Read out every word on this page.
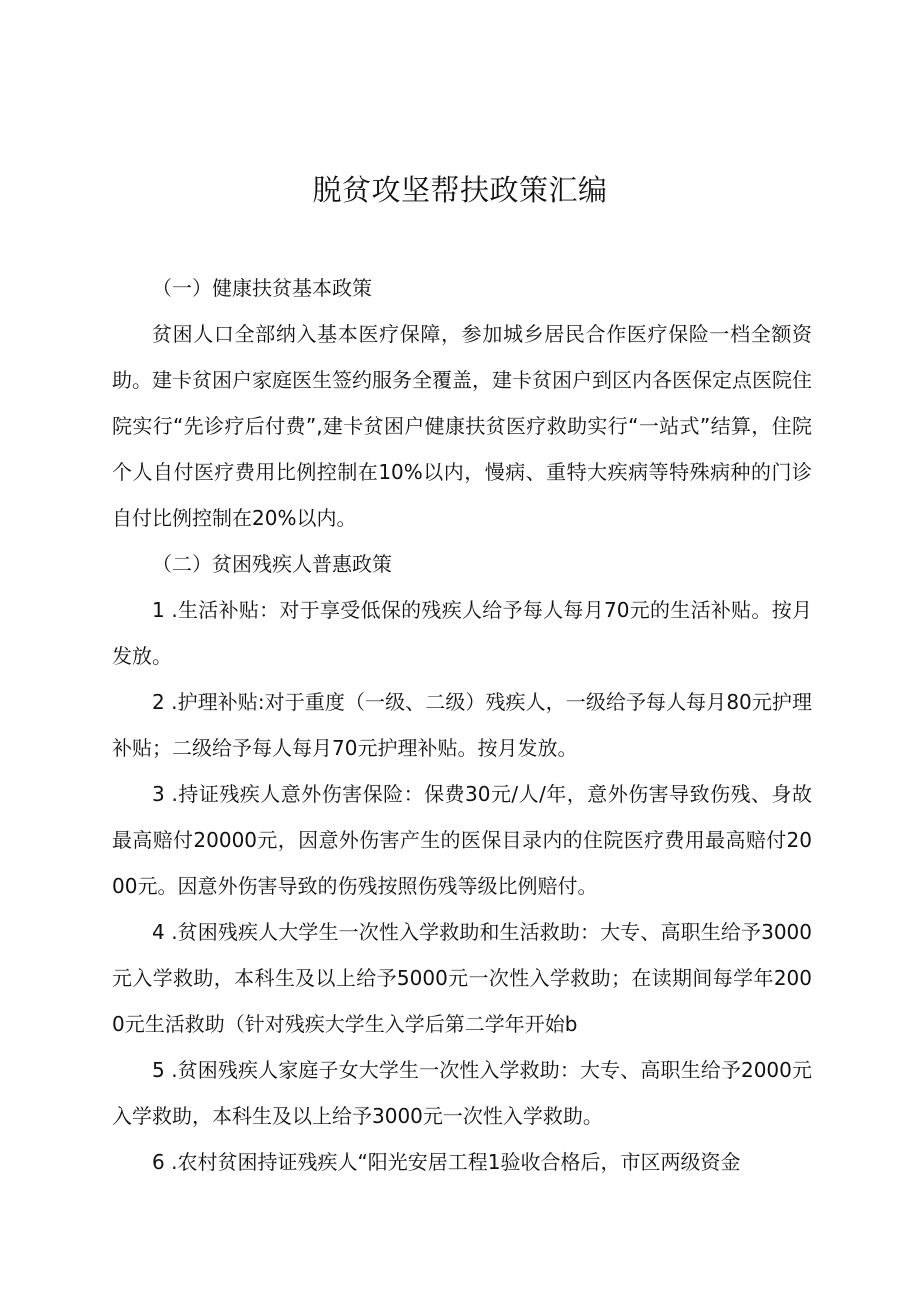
脱贫攻坚帮扶政策汇编

（一）健康扶贫基本政策

贫困人口全部纳入基本医疗保障，参加城乡居民合作医疗保险一档全额资助。建卡贫困户家庭医生签约服务全覆盖，建卡贫困户到区内各医保定点医院住院实行“先诊疗后付费”,建卡贫困户健康扶贫医疗救助实行“一站式”结算，住院个人自付医疗费用比例控制在10%以内，慢病、重特大疾病等特殊病种的门诊自付比例控制在20%以内。

（二）贫困残疾人普惠政策

1 .生活补贴：对于享受低保的残疾人给予每人每月70元的生活补贴。按月发放。

2 .护理补贴:对于重度（一级、二级）残疾人，一级给予每人每月80元护理补贴；二级给予每人每月70元护理补贴。按月发放。

3 .持证残疾人意外伤害保险：保费30元/人/年，意外伤害导致伤残、身故最高赔付20000元，因意外伤害产生的医保目录内的住院医疗费用最高赔付2000元。因意外伤害导致的伤残按照伤残等级比例赔付。

4 .贫困残疾人大学生一次性入学救助和生活救助：大专、高职生给予3000元入学救助，本科生及以上给予5000元一次性入学救助；在读期间每学年2000元生活救助（针对残疾大学生入学后第二学年开始b

5 .贫困残疾人家庭子女大学生一次性入学救助：大专、高职生给予2000元入学救助，本科生及以上给予3000元一次性入学救助。

6 .农村贫困持证残疾人“阳光安居工程1验收合格后，市区两级资金
